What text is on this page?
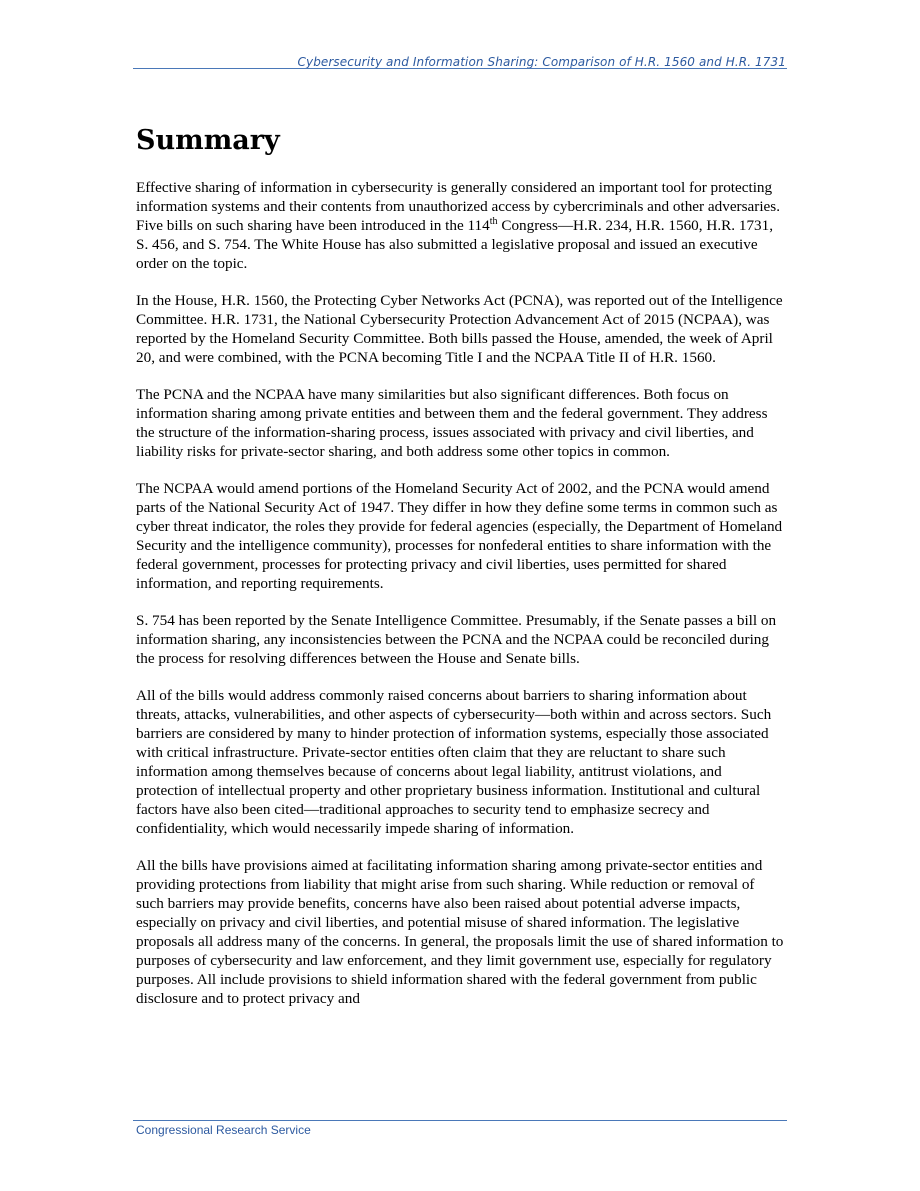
Cybersecurity and Information Sharing: Comparison of H.R. 1560 and H.R. 1731
Summary

Effective sharing of information in cybersecurity is generally considered an important tool for protecting information systems and their contents from unauthorized access by cybercriminals and other adversaries. Five bills on such sharing have been introduced in the 114th Congress—H.R. 234, H.R. 1560, H.R. 1731, S. 456, and S. 754. The White House has also submitted a legislative proposal and issued an executive order on the topic.

In the House, H.R. 1560, the Protecting Cyber Networks Act (PCNA), was reported out of the Intelligence Committee. H.R. 1731, the National Cybersecurity Protection Advancement Act of 2015 (NCPAA), was reported by the Homeland Security Committee. Both bills passed the House, amended, the week of April 20, and were combined, with the PCNA becoming Title I and the NCPAA Title II of H.R. 1560.

The PCNA and the NCPAA have many similarities but also significant differences. Both focus on information sharing among private entities and between them and the federal government. They address the structure of the information-sharing process, issues associated with privacy and civil liberties, and liability risks for private-sector sharing, and both address some other topics in common.

The NCPAA would amend portions of the Homeland Security Act of 2002, and the PCNA would amend parts of the National Security Act of 1947. They differ in how they define some terms in common such as cyber threat indicator, the roles they provide for federal agencies (especially, the Department of Homeland Security and the intelligence community), processes for nonfederal entities to share information with the federal government, processes for protecting privacy and civil liberties, uses permitted for shared information, and reporting requirements.

S. 754 has been reported by the Senate Intelligence Committee. Presumably, if the Senate passes a bill on information sharing, any inconsistencies between the PCNA and the NCPAA could be reconciled during the process for resolving differences between the House and Senate bills.

All of the bills would address commonly raised concerns about barriers to sharing information about threats, attacks, vulnerabilities, and other aspects of cybersecurity—both within and across sectors. Such barriers are considered by many to hinder protection of information systems, especially those associated with critical infrastructure. Private-sector entities often claim that they are reluctant to share such information among themselves because of concerns about legal liability, antitrust violations, and protection of intellectual property and other proprietary business information. Institutional and cultural factors have also been cited—traditional approaches to security tend to emphasize secrecy and confidentiality, which would necessarily impede sharing of information.

All the bills have provisions aimed at facilitating information sharing among private-sector entities and providing protections from liability that might arise from such sharing. While reduction or removal of such barriers may provide benefits, concerns have also been raised about potential adverse impacts, especially on privacy and civil liberties, and potential misuse of shared information. The legislative proposals all address many of the concerns. In general, the proposals limit the use of shared information to purposes of cybersecurity and law enforcement, and they limit government use, especially for regulatory purposes. All include provisions to shield information shared with the federal government from public disclosure and to protect privacy and

Congressional Research Service
